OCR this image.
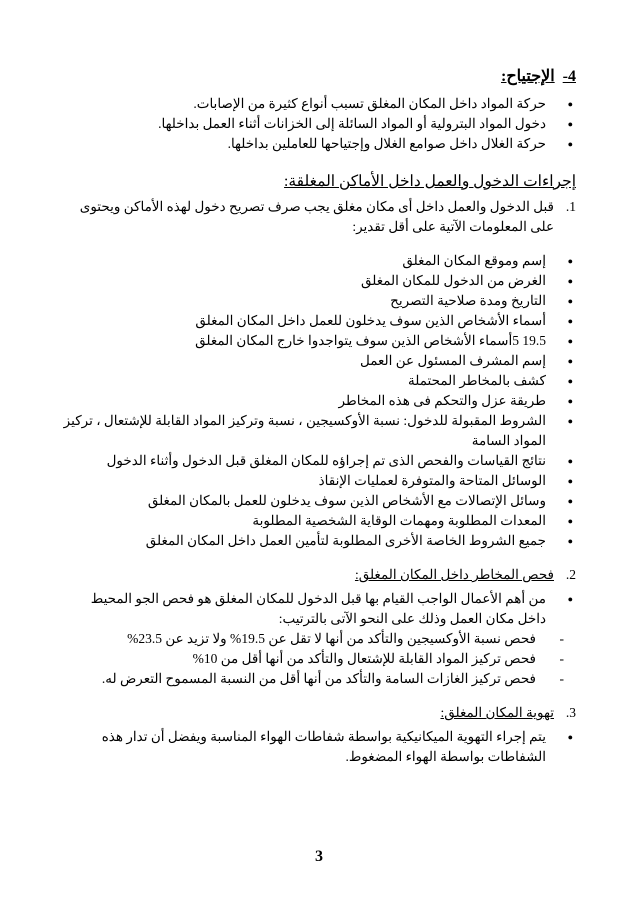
4-الإجتياح:
● حركة المواد داخل المكان المغلق تسبب أنواع كثيرة من الإصابات.
● دخول المواد البترولية أو المواد السائلة إلى الخزانات أثناء العمل بداخلها.
● حركة الغلال داخل صوامع الغلال وإجتياحها للعاملين بداخلها.
إجراءات الدخول والعمل داخل الأماكن المغلقة:
1.
قبل الدخول والعمل داخل أى مكان مغلق يجب صرف تصريح دخول لهذه الأماكن ويحتوى على المعلومات الآتية على أقل تقدير:
● إسم وموقع المكان المغلق
● الغرض من الدخول للمكان المغلق
● التاريخ ومدة صلاحية التصريح
● أسماء الأشخاص الذين سوف يدخلون للعمل داخل المكان المغلق
● 19.5 5أسماء الأشخاص الذين سوف يتواجدوا خارج المكان المغلق
● إسم المشرف المسئول عن العمل
● كشف بالمخاطر المحتملة
● طريقة عزل والتحكم فى هذه المخاطر
● الشروط المقبولة للدخول: نسبة الأوكسيجين ، نسبة وتركيز المواد القابلة للإشتعال ، تركيز المواد السامة
● نتائج القياسات والفحص الذى تم إجراؤه للمكان المغلق قبل الدخول وأثناء الدخول
● الوسائل المتاحة والمتوفرة لعمليات الإنقاذ
● وسائل الإتصالات مع الأشخاص الذين سوف يدخلون للعمل بالمكان المغلق
● المعدات المطلوبة ومهمات الوقاية الشخصية المطلوبة
● جميع الشروط الخاصة الأخرى المطلوبة لتأمين العمل داخل المكان المغلق
2.
فحص المخاطر داخل المكان المغلق:
● من أهم الأعمال الواجب القيام بها قبل الدخول للمكان المغلق هو فحص الجو المحيط داخل مكان العمل وذلك على النحو الآتى بالترتيب:
- فحص نسبة الأوكسيجين والتأكد من أنها لا تقل عن 19.5% ولا تزيد عن 23.5%
- فحص تركيز المواد القابلة للإشتعال والتأكد من أنها أقل من 10%
- فحص تركيز الغازات السامة والتأكد من أنها أقل من النسبة المسموح التعرض له.
3.
تهوية المكان المغلق:
● يتم إجراء التهوية الميكانيكية بواسطة شفاطات الهواء المناسبة ويفضل أن تدار هذه الشفاطات بواسطة الهواء المضغوط.
3
